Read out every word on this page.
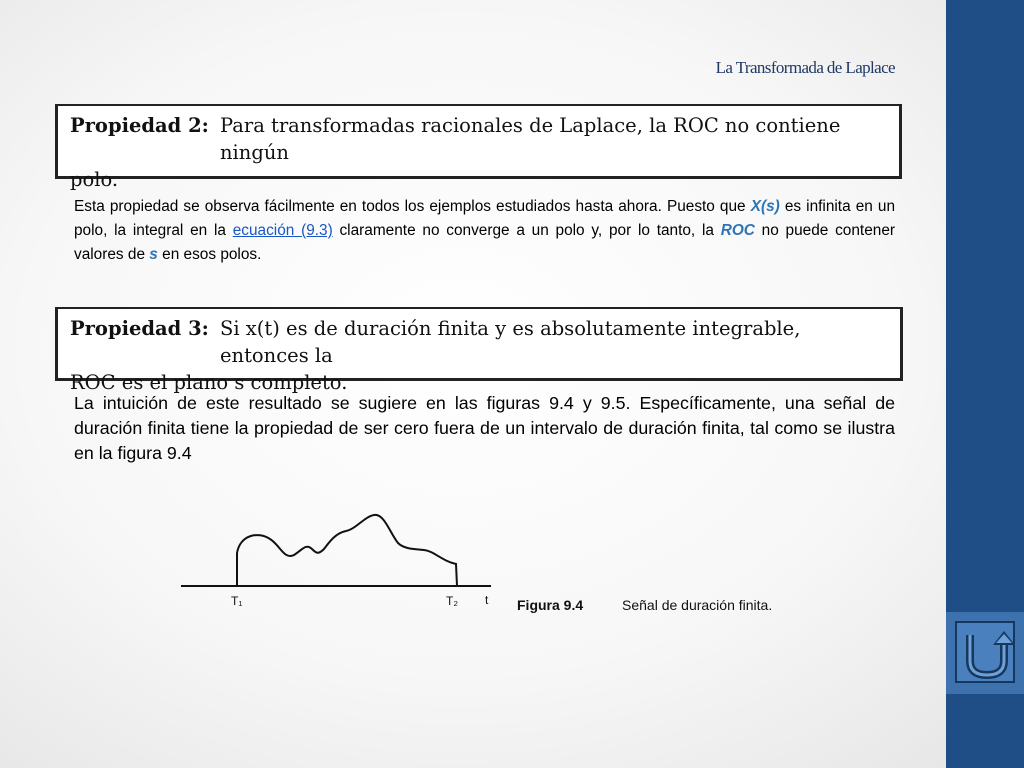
La Transformada de Laplace
Propiedad 2: Para transformadas racionales de Laplace, la ROC no contiene ningún
polo.

Esta propiedad se observa fácilmente en todos los ejemplos estudiados hasta ahora. Puesto que X(s) es infinita en un polo, la integral en la ecuación (9.3) claramente no converge a un polo y, por lo tanto, la ROC no puede contener valores de s en esos polos.

Propiedad 3: Si x(t) es de duración finita y es absolutamente integrable, entonces la
ROC es el plano s completo.

La intuición de este resultado se sugiere en las figuras 9.4 y 9.5. Específicamente, una señal de duración finita tiene la propiedad de ser cero fuera de un intervalo de duración finita, tal como se ilustra en la figura 9.4

T₁	T₂ t Figura 9.4	Señal de duración finita.
